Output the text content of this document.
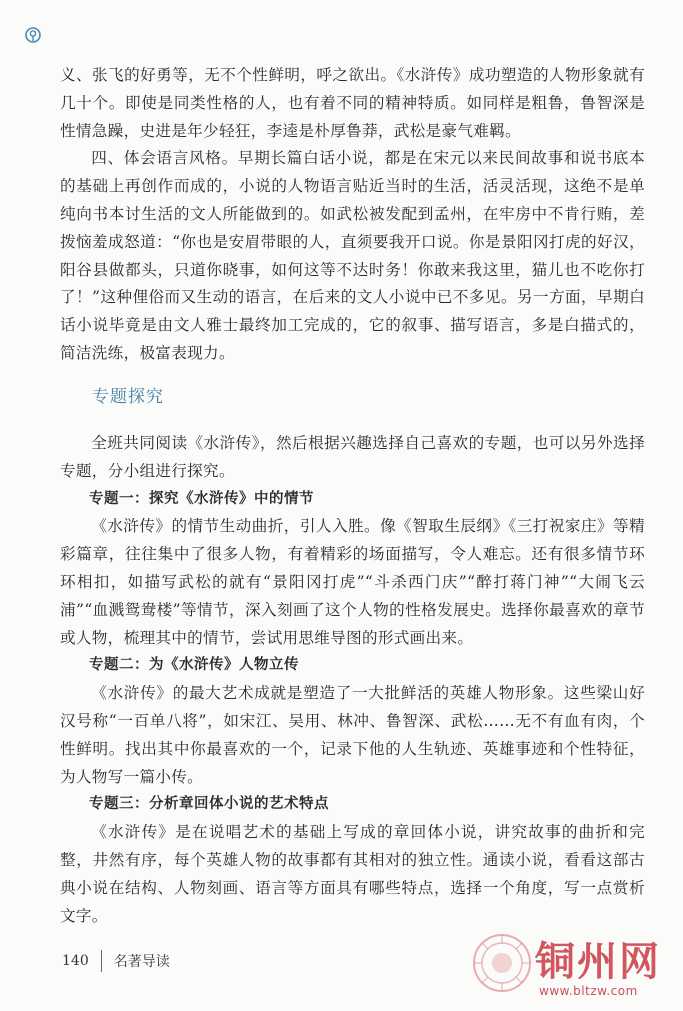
义、张飞的好勇等，无不个性鲜明，呼之欲出。《水浒传》成功塑造的人物形象就有几十个。即使是同类性格的人，也有着不同的精神特质。如同样是粗鲁，鲁智深是性情急躁，史进是年少轻狂，李逵是朴厚鲁莽，武松是豪气难羁。

四、体会语言风格。早期长篇白话小说，都是在宋元以来民间故事和说书底本的基础上再创作而成的，小说的人物语言贴近当时的生活，活灵活现，这绝不是单纯向书本讨生活的文人所能做到的。如武松被发配到孟州，在牢房中不肯行贿，差拨恼羞成怒道：“你也是安眉带眼的人，直须要我开口说。你是景阳冈打虎的好汉，阳谷县做都头，只道你晓事，如何这等不达时务！你敢来我这里，猫儿也不吃你打了！”这种俚俗而又生动的语言，在后来的文人小说中已不多见。另一方面，早期白话小说毕竟是由文人雅士最终加工完成的，它的叙事、描写语言，多是白描式的，简洁洗练，极富表现力。

专题探究

全班共同阅读《水浒传》，然后根据兴趣选择自己喜欢的专题，也可以另外选择专题，分小组进行探究。

专题一：探究《水浒传》中的情节

《水浒传》的情节生动曲折，引人入胜。像《智取生辰纲》《三打祝家庄》等精彩篇章，往往集中了很多人物，有着精彩的场面描写，令人难忘。还有很多情节环环相扣，如描写武松的就有“景阳冈打虎”“斗杀西门庆”“醉打蒋门神”“大闹飞云浦”“血溅鸳鸯楼”等情节，深入刻画了这个人物的性格发展史。选择你最喜欢的章节或人物，梳理其中的情节，尝试用思维导图的形式画出来。

专题二：为《水浒传》人物立传

《水浒传》的最大艺术成就是塑造了一大批鲜活的英雄人物形象。这些梁山好汉号称“一百单八将”，如宋江、吴用、林冲、鲁智深、武松……无不有血有肉，个性鲜明。找出其中你最喜欢的一个，记录下他的人生轨迹、英雄事迹和个性特征，为人物写一篇小传。

专题三：分析章回体小说的艺术特点

《水浒传》是在说唱艺术的基础上写成的章回体小说，讲究故事的曲折和完整，井然有序，每个英雄人物的故事都有其相对的独立性。通读小说，看看这部古典小说在结构、人物刻画、语言等方面具有哪些特点，选择一个角度，写一点赏析文字。

140 名著导读	铜州网
www.bltzw.com
